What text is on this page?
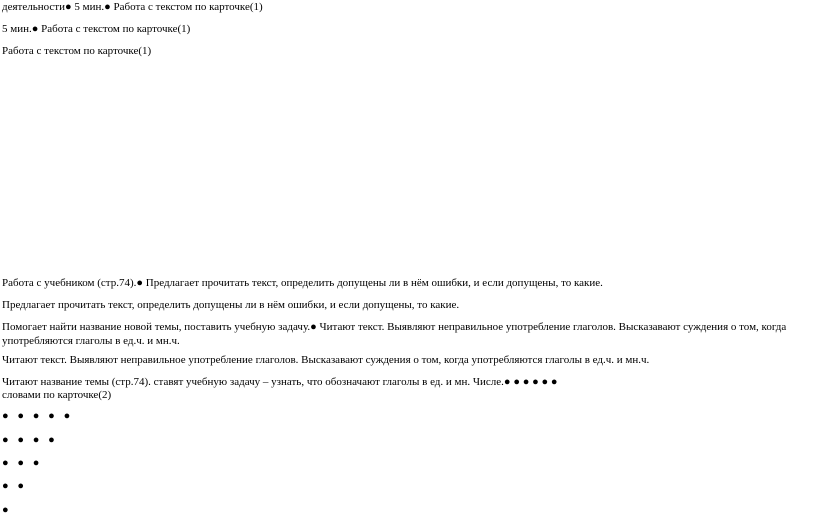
деятельности● 5 мин.● Работа с текстом по карточке(1)
5 мин.● Работа с текстом по карточке(1)
Работа с текстом по карточке(1)
Работа с учебником (стр.74).● Предлагает прочитать текст, определить допущены ли в нём ошибки, и если допущены, то какие.
Предлагает прочитать текст, определить допущены ли в нём ошибки, и если допущены, то какие.
Помогает найти название новой темы, поставить учебную задачу.● Читают текст. Выявляют неправильное употребление глаголов. Высказавают суждения о том, когда употребляются глаголы в ед.ч. и мн.ч.
Читают текст. Выявляют неправильное употребление глаголов. Высказавают суждения о том, когда употребляются глаголы в ед.ч. и мн.ч.
Читают название темы (стр.74). ставят учебную задачу – узнать, что обозначают глаголы в ед. и мн. Числе.● ● ● ● ● ●
словами по карточке(2)
● ● ● ● ●
● ● ● ●
● ● ●
● ●
●
